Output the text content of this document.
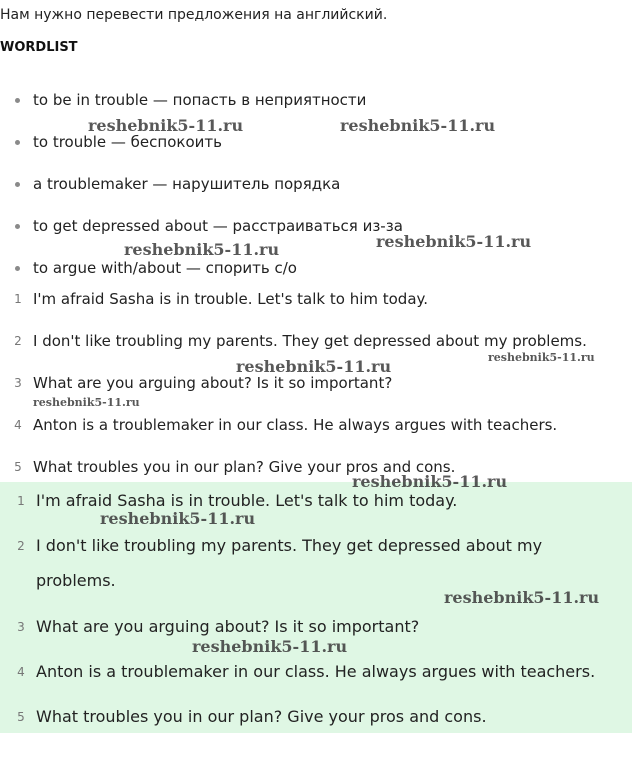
Нам нужно перевести предложения на английский.
WORDLIST
to be in trouble — попасть в неприятности
to trouble — беспокоить
a troublemaker — нарушитель порядка
to get depressed about — расстраиваться из-за
to argue with/about — спорить с/о
1 I'm afraid Sasha is in trouble. Let's talk to him today.
2 I don't like troubling my parents. They get depressed about my problems.
3 What are you arguing about? Is it so important?
4 Anton is a troublemaker in our class. He always argues with teachers.
5 What troubles you in our plan? Give your pros and cons.
1 I'm afraid Sasha is in trouble. Let's talk to him today.
2 I don't like troubling my parents. They get depressed about my
problems.
3 What are you arguing about? Is it so important?
4 Anton is a troublemaker in our class. He always argues with teachers.
5 What troubles you in our plan? Give your pros and cons.
reshebnik5-11.ru	reshebnik5-11.ru
reshebnik5-11.ru	reshebnik5-11.ru
reshebnik5-11.ru	reshebnik5-11.ru
reshebnik5-11.ru
reshebnik5-11.ru
reshebnik5-11.ru
reshebnik5-11.ru
reshebnik5-11.ru
